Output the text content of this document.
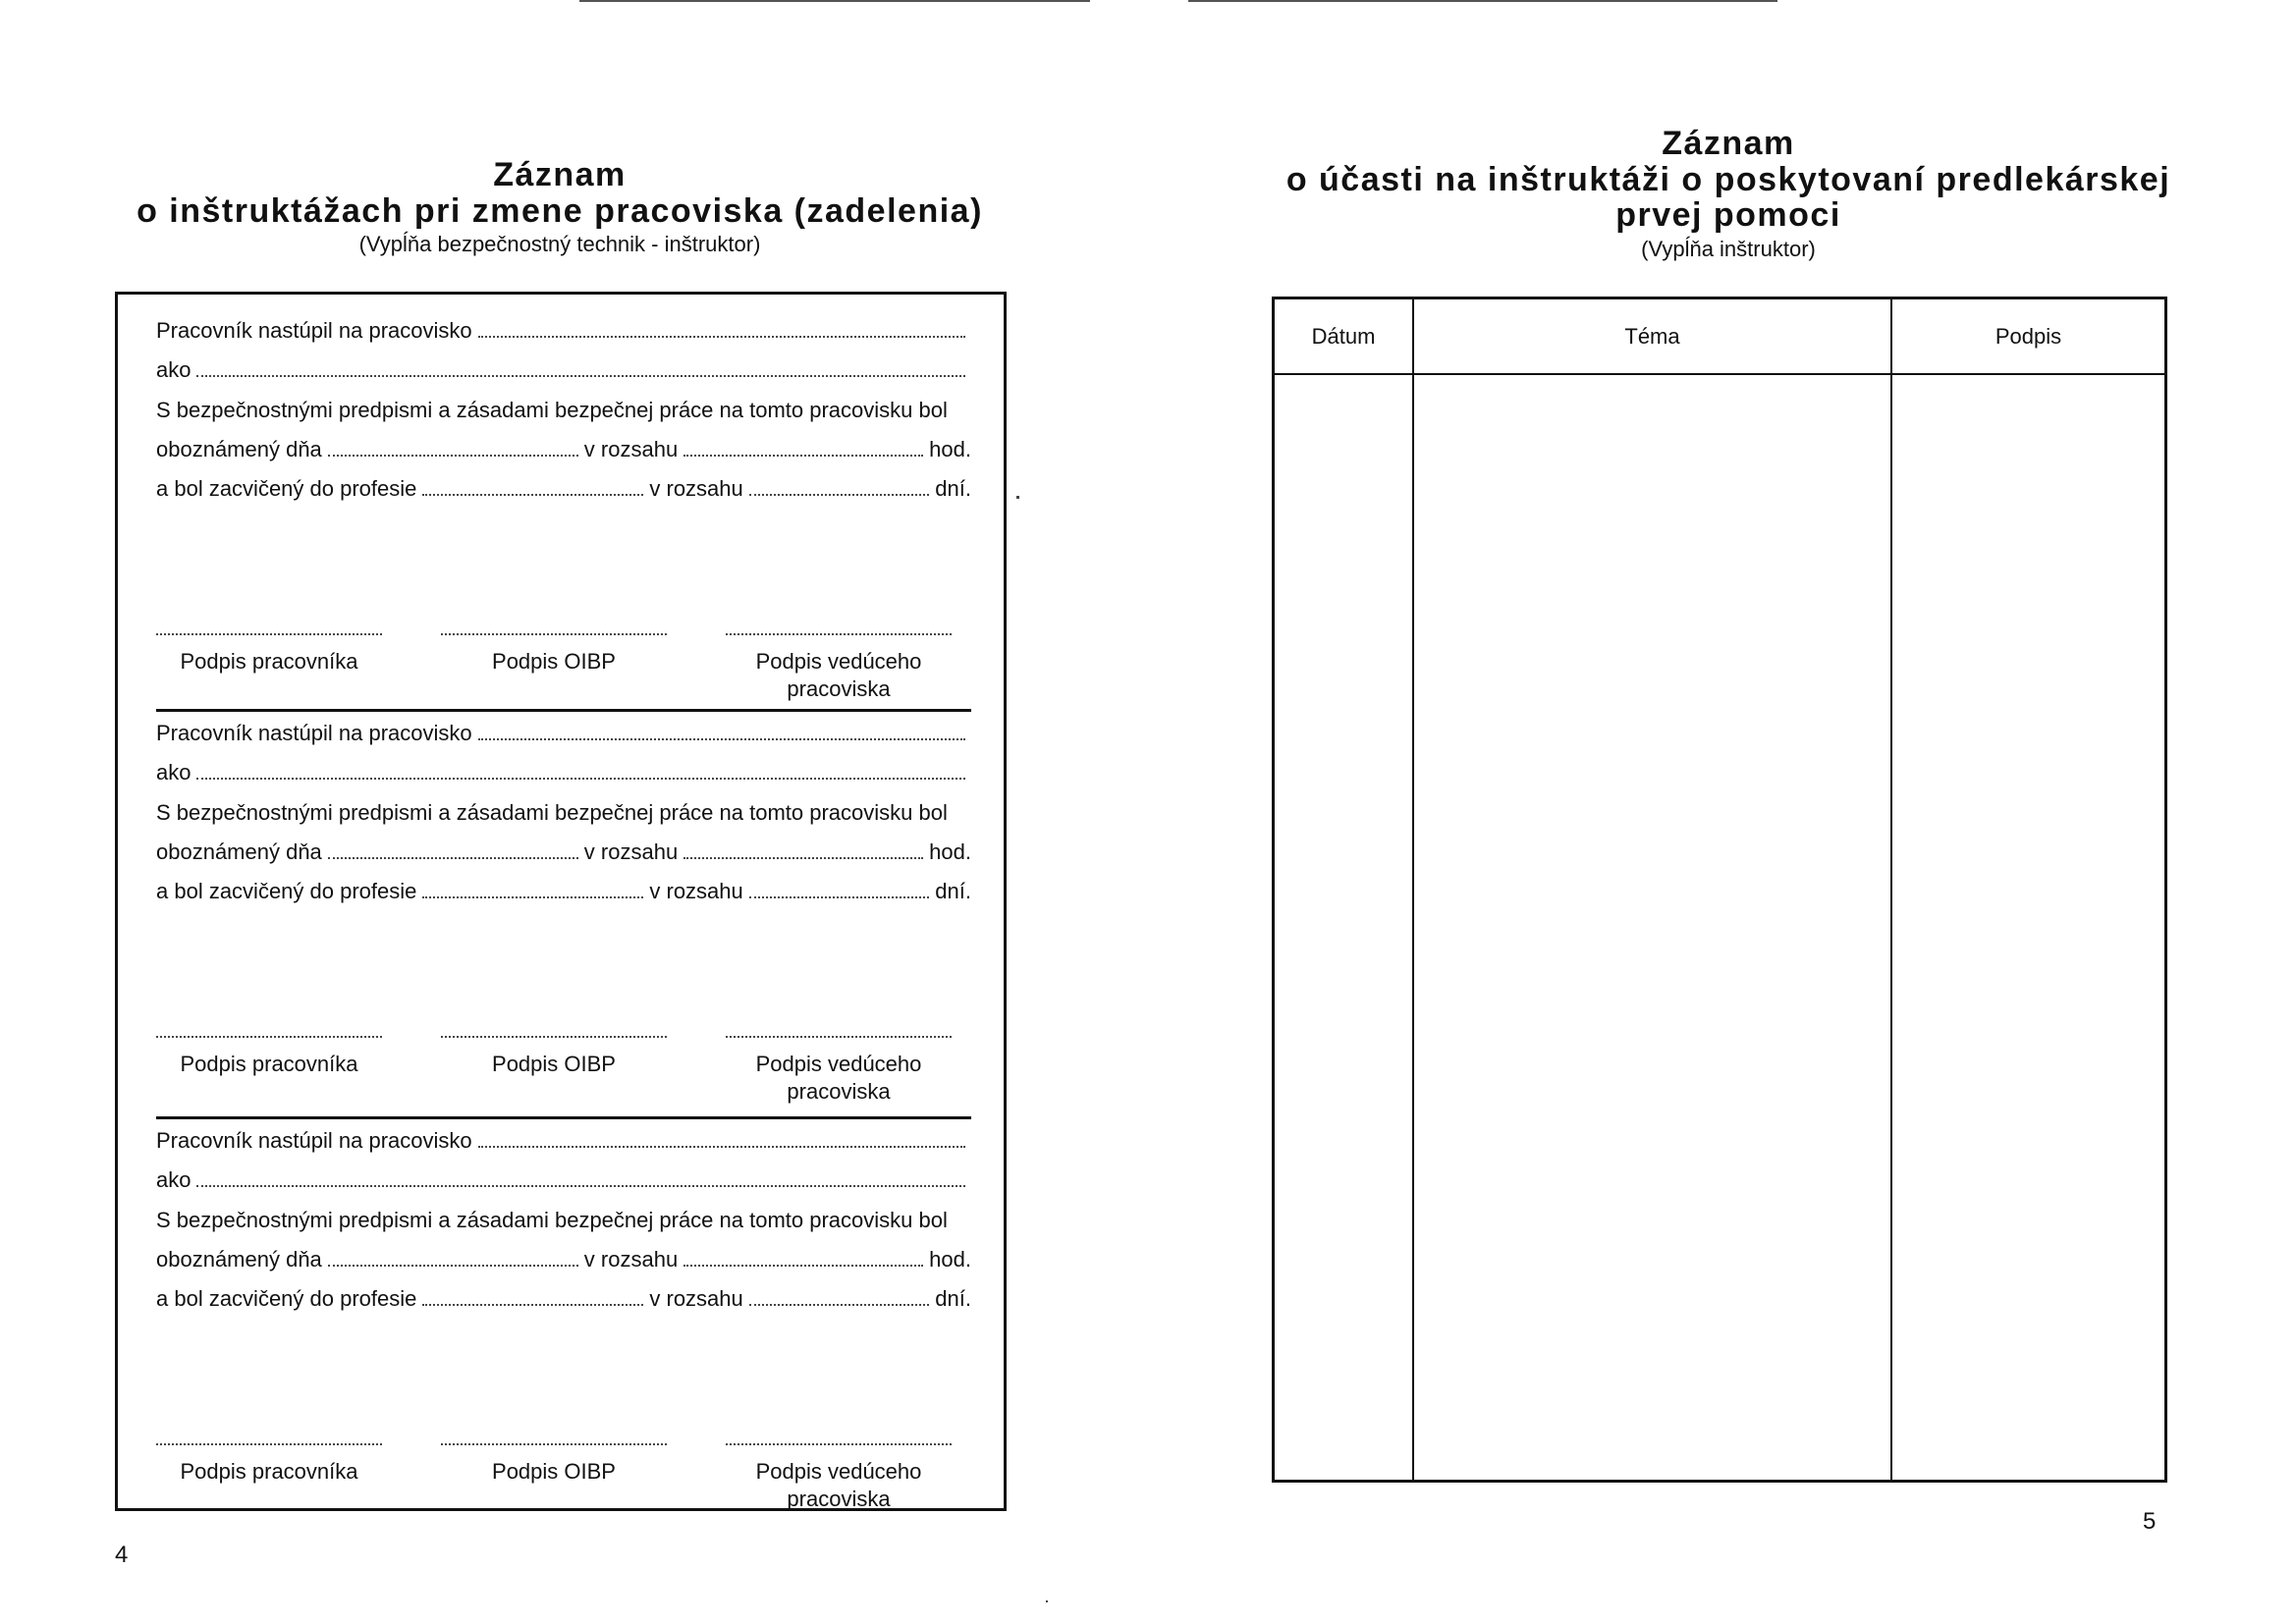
Záznam
o inštruktážach pri zmene pracoviska (zadelenia)
(Vypĺňa bezpečnostný technik - inštruktor)
Pracovník nastúpil na pracovisko
ako
S bezpečnostnými predpismi a zásadami bezpečnej práce na tomto pracovisku bol
oboznámený dňa	v rozsahu	hod.
a bol zacvičený do profesie	v rozsahu	dní.
Podpis pracovníka	Podpis OIBP	Podpis vedúceho
pracoviska
Pracovník nastúpil na pracovisko
ako
S bezpečnostnými predpismi a zásadami bezpečnej práce na tomto pracovisku bol
oboznámený dňa	v rozsahu	hod.
a bol zacvičený do profesie	v rozsahu	dní.
Podpis pracovníka	Podpis OIBP	Podpis vedúceho
pracoviska
Pracovník nastúpil na pracovisko
ako
S bezpečnostnými predpismi a zásadami bezpečnej práce na tomto pracovisku bol
oboznámený dňa	v rozsahu	hod.
a bol zacvičený do profesie	v rozsahu	dní.
Podpis pracovníka	Podpis OIBP	Podpis vedúceho
pracoviska
4
Záznam
o účasti na inštruktáži o poskytovaní predlekárskej
prvej pomoci
(Vypĺňa inštruktor)
Dátum	Téma	Podpis
5
